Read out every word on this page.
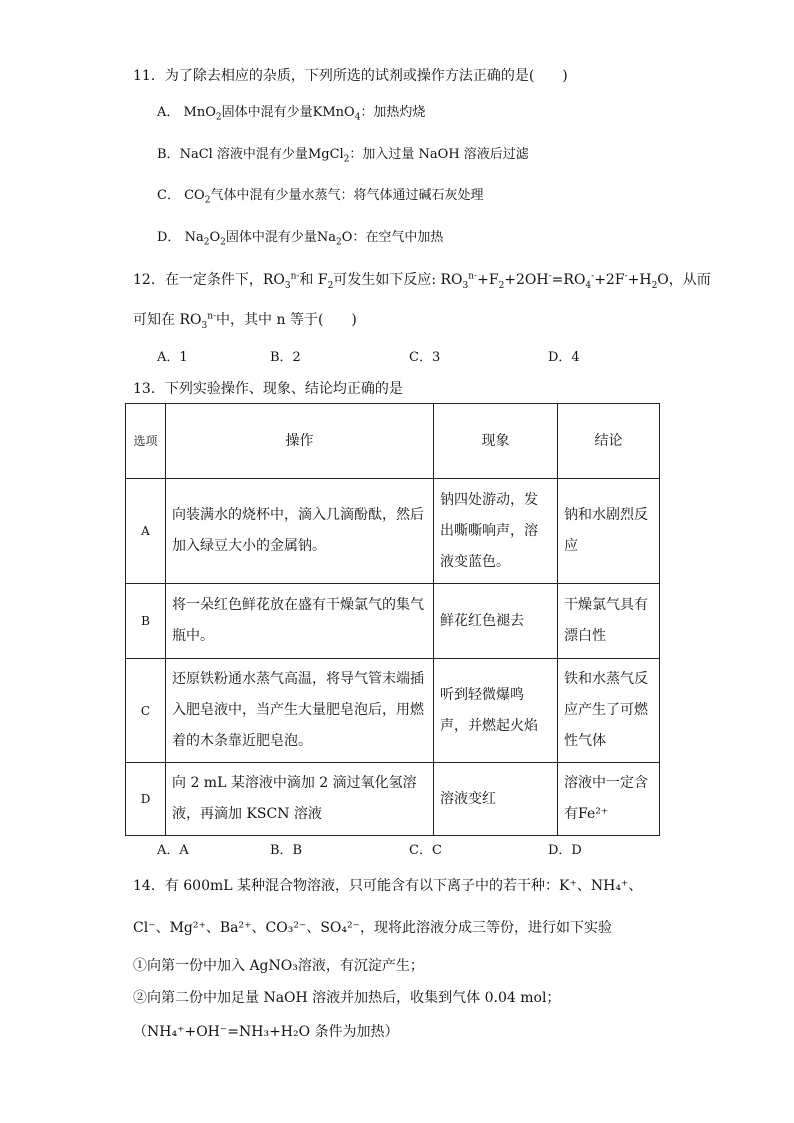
11．为了除去相应的杂质，下列所选的试剂或操作方法正确的是(　　)
A． MnO$_2$固体中混有少量KMnO$_4$：加热灼烧
B．NaCl 溶液中混有少量MgCl$_2$：加入过量 NaOH 溶液后过滤
C． $CO_2$气体中混有少量水蒸气：将气体通过碱石灰处理
D． $Na_2O_2$固体中混有少量$Na_2O$：在空气中加热
12．在一定条件下，$RO_3^{n-}$和 $F_2$可发生如下反应: $RO_3^{n-}+F_2+2OH^-=RO_4^-+2F^-+H_2O$，从而
可知在 $RO_3^{n-}$中，其中 n 等于(　　)
A．1	B．2	C．3	D．4
13．下列实验操作、现象、结论均正确的是
选项	操作	现象	结论
A	向装满水的烧杯中，滴入几滴酚酞，然后加入绿豆大小的金属钠。	钠四处游动，发出嘶嘶响声，溶液变蓝色。	钠和水剧烈反应
B	将一朵红色鲜花放在盛有干燥氯气的集气瓶中。	鲜花红色褪去	干燥氯气具有漂白性
C	还原铁粉通水蒸气高温，将导气管末端插入肥皂液中，当产生大量肥皂泡后，用燃着的木条靠近肥皂泡。	听到轻微爆鸣声，并燃起火焰	铁和水蒸气反应产生了可燃性气体
D	向 2 mL 某溶液中滴加 2 滴过氧化氢溶液，再滴加 KSCN 溶液	溶液变红	溶液中一定含有Fe²⁺
A．A	B．B	C．C	D．D
14．有 600mL 某种混合物溶液，只可能含有以下离子中的若干种：K⁺、NH₄⁺、
Cl⁻、Mg²⁺、Ba²⁺、CO₃²⁻、SO₄²⁻，现将此溶液分成三等份，进行如下实验
①向第一份中加入 AgNO₃溶液，有沉淀产生；
②向第二份中加足量 NaOH 溶液并加热后，收集到气体 0.04 mol；
（NH₄⁺+OH⁻=NH₃+H₂O 条件为加热）
